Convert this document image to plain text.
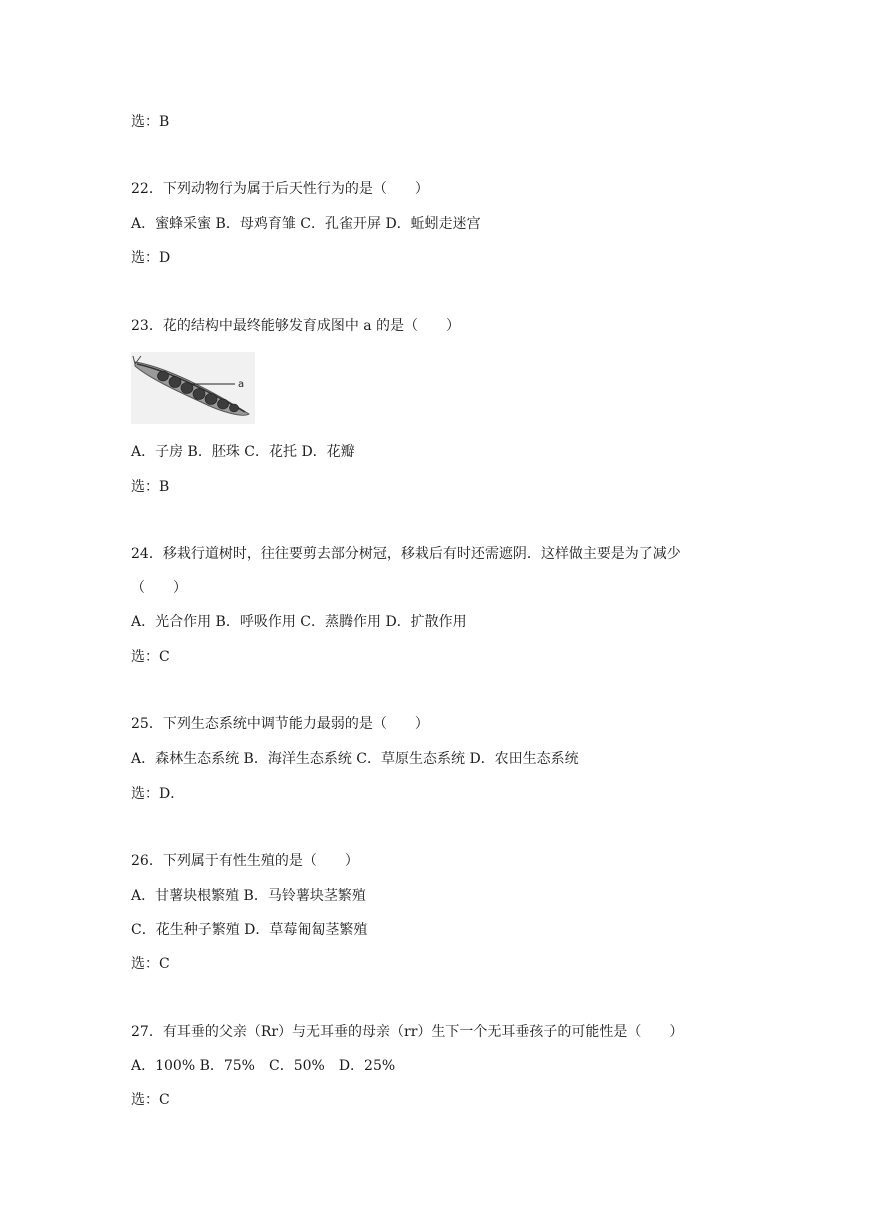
选：B
22．下列动物行为属于后天性行为的是（　　）
A．蜜蜂采蜜 B．母鸡育雏 C．孔雀开屏 D．蚯蚓走迷宫
选：D
23．花的结构中最终能够发育成图中 a 的是（　　）
a
A．子房 B．胚珠 C．花托 D．花瓣
选：B
24．移栽行道树时，往往要剪去部分树冠，移栽后有时还需遮阴．这样做主要是为了减少
（　　）
A．光合作用 B．呼吸作用 C．蒸腾作用 D．扩散作用
选：C
25．下列生态系统中调节能力最弱的是（　　）
A．森林生态系统 B．海洋生态系统 C．草原生态系统 D．农田生态系统
选：D．
26．下列属于有性生殖的是（　　）
A．甘薯块根繁殖 B．马铃薯块茎繁殖
C．花生种子繁殖 D．草莓匍匐茎繁殖
选：C
27．有耳垂的父亲（Rr）与无耳垂的母亲（rr）生下一个无耳垂孩子的可能性是（　　）
A．100% B．75%　C．50%　D．25%
选：C
